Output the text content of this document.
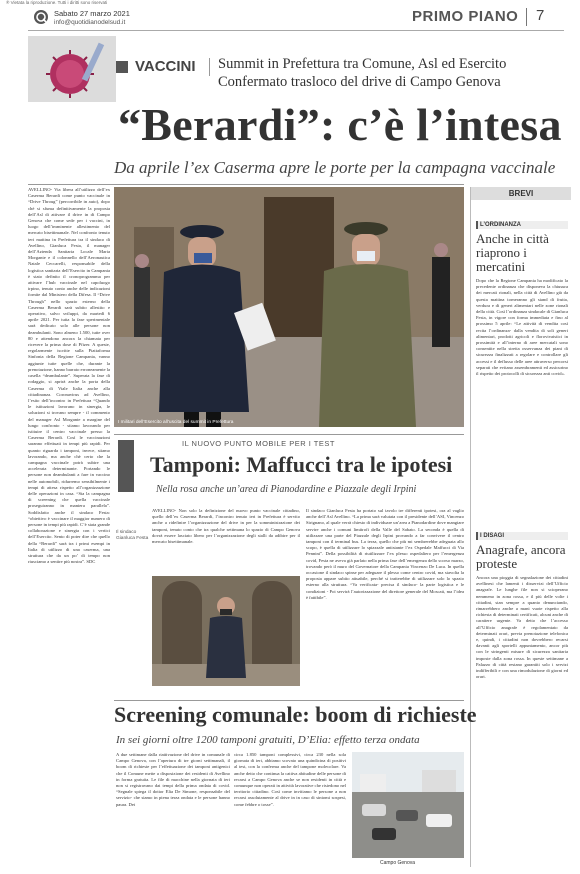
® Vietata la riproduzione. Tutti i diritti sono riservati
Sabato 27 marzo 2021
info@quotidianodelsud.it	PRIMO PIANO 7
VACCINI Summit in Prefettura tra Comune, Asl ed Esercito
Confermato trasloco del drive di Campo Genova
“Berardi”: c’è l’intesa
Da aprile l’ex Caserma apre le porte per la campagna vaccinale
AVELLINO- Via libera all’utilizzo dell’ex Caserma Berardi come punto vaccinale in “Drive Throug” (percorribile in auto), dopo chè si sfuma definitivamente la proposta dell’Asl di attivare il drive in di Campo Genova che come sede per i vaccini, in luogo dell’imminente allestimento del mercato bisettimanale. Nel confronto tenuto ieri mattina in Prefettura tra il sindaco di Avellino, Gianluca Festa, il manager dell’Azienda Sanitaria Locale Maria Morgante e il colonnello dell’Aeronautica Natale Ceccarelli, responsabile della logistica sanitaria dell’Esercito in Campania è stato definito il cronoprogramma per attivare l’hub vaccinale nel capoluogo irpino, tenuto conto anche delle indicazioni fornite dal Ministero della Difesa. Il “Drive Through” nello spazio esterno della Caserma Berardi sarà subito allestito e operativo, salvo sviluppi, da martedì 6 aprile 2021. Per tutta la fase sperimentale sarà dedicato solo alle persone non deambulanti. Sono almeno 1.500, tutte over 80 e attendono ancora la chiamata per ricevere la prima dose di Pfizer. A queste, regolarmente iscritte sulla Piattaforma Sinfonia della Regione Campania, vanno aggiunte tutte quelle che, durante la prenotazione, hanno barrato erroneamente la casella “deambulante”. Superata la fase di rodaggio, si aprirà anche la porta della Caserma di Viale Italia anche alla cittadinanza. Coronavirus ad Avellino, l’esito dell’incontro in Prefettura “Quando le istituzioni lavorano in sinergia, le soluzioni si trovano sempre - il commento del manager Asl Morgante a margine del lungo confronto - stiamo lavorando per istituire il centro vaccinale presso la Caserma Berardi. Così le vaccinazioni saranno effettuati in tempi più rapidi. Per quanto riguarda i tamponi, invece, stiamo lavorando, ma anche chè certo che la campagna vaccinale potrà subire una accelerata determinante. Portando le persone non deambulanti a fare in vaccino nelle automobili, ridurremo sensibilmente i tempi di attesa rispetto all’organizzazione delle operazioni in casa. “Sia la campagna di screening che quella vaccinale proseguiranno in maniera parallela”. Soddisfatto anche il sindaco Festa: “obiettivo è vaccinare il maggior numero di persone in tempi più rapidi. C’è stata grande collaborazione e sinergia con i vertici dell’Esercito. Sento di poter dire che quello della “Berardi” sarà tra i primi esempi in Italia di utilizzo di una caserma, una struttura che da un po’ di tempo non riusciamo a sentire più nostra”. SDC
I militari dell’Esercito all’uscita del summit in Prefettura
BREVI
L’ORDINANZA
Anche in città riaprono i mercatini
Dopo che la Regione Campania ha modificato la precedente ordinanza che disponeva la chiusura dei mercati rionali, nella città di Avellino già da questa mattina torneranno gli stand di frutta, verdura e di generi alimentari nelle zone rionali della città. Così l’ordinanza sindacale di Gianluca Festa, in vigore con forma immediata e fino al prossimo 5 aprile: “Le attività di vendita così recita l’ordinanza- dalla vendita di soli generi alimentari, prodotti agricoli e florovivaistici in prossimità e all’interno di aree mercatali sono consentite nella stretta osservanza dei piani di sicurezza finalizzati a regolare e controllare gli accessi e il deflusso delle aree attraverso percorsi separati che evitano assembramenti ed assicurino il rispetto dei protocolli di sicurezza anti covid».
I DISAGI
Anagrafe, ancora proteste
Ancora una pioggia di segnalazione dei cittadini avellinesi che lamenti i disservizi dell’Ufficio anagrafe. Le lunghe file non si scioperano nemmeno in zona rossa, e il più delle volte i cittadini, stan sempre a quanto denunciando, rimarrebbero anche a mani vuote rispetto alla richiesta di determinati certificati, alcuni anche di carattere urgente. Va detto che l’accesso all’Ufficio anagrafe è regolamentato da determinati orari, previa prenotazione telefonica e, quindi, i cittadini non dovrebbero recarsi davanti agli sportelli appuntamento, ancor più con le stringenti misure di sicurezza sanitaria imposte dalla zona rossa. In queste settimane a Palazzo di città restano garantiti solo i servizi indifferibili e con una rimodulazione di giorni ed orari.
IL NUOVO PUNTO MOBILE PER I TEST
Tamponi: Maffucci tra le ipotesi
Nella rosa anche un’area di Pianodardine e Piazzale degli Irpini
Il sindaco Gianluca Festa
AVELLINO- Non solo la definizione del nuovo punto vaccinale cittadino, quello dell’ex Caserma Berardi, l’incontro tenuto ieri in Prefettura è servito anche a ridefinire l’organizzazione del drive in per la somministrazione dei tamponi, tenuto conto che tra qualche settimana lo spazio di Campo Genova dovrà essere lasciato libero per l’organizzazione degli stalli da adibire per il mercato bisettimanale.
Il sindaco Gianluca Festa ha portato sul tavolo tre differenti ipotesi, ora al vaglio anche dell’Asl Avellino. “La prima sarà valutata con il presidente dell’ASI, Vincenzo Sirignano, al quale verrà chiesto di individuare un’area a Pianodardine dove mangiare servire anche i comuni limitrofi della Valle del Sabato. La seconda è quella di utilizzare una parte del Piazzale degli Irpini provando a far convivere il centro tamponi con il terminal bus. La terza, quello che più mi sembrerebbe adeguata allo scopo, è quella di utilizzare lo spiazzale antistante l’ex Ospedale Maffucci di Via Pennini”. Della possibilità di riutilizzare l’ex plesso ospedaliero per l’emergenza covid, Festa ne aveva già parlato nella prima fase dell’emergenza dello scorso marzo, trovando però il muro del Governatore della Campania Vincenzo De Luca. In quella occasione il sindaco spinse per adeguare il plesso come centro covid, ma stavolta la proposta appare subito attuabile, perché si tratterebbe di utilizzare solo lo spazio esterno alla struttura. “Va verificata- precisa il sindaco- la parte logistica e le condizioni - Poi servirà l’autorizzazione del direttore generale del Moscati, ma l’idea è fattibile”.
Screening comunale: boom di richieste
In sei giorni oltre 1200 tamponi gratuiti, D’Elia: effetto terza ondata
A due settimane dalla riattivazione del drive in comunale di Campo Genova, con l’apertura di tre giorni settimanali, il boom di richieste per l’effettuazione dei tamponi antigenici che il Comune mette a disposizione dei residenti di Avellino in forma gratuita. Le file di macchine nella giornata di ieri non si registravano dai tempi della prima ondata di covid. “Segnale spiega il dottor Elia De Simone, responsabile del servizio- che siamo in piena terza ondata e le persone hanno paura. Dei
circa 1.850 tamponi complessivi, circa 230 nella sola giornata di ieri, abbiamo scovato una quindicina di positivi al test, con la conferma anche del tampone molecolare. Va anche detto che continua la cattiva abitudine delle persone di recarsi a Campo Genova anche se non residenti in città e comunque non operati in attività lavorative che risiedono nel territorio cittadino. Così come invitiamo le persone a non recarsi assolutamente al drive in in caso di sintomi sospesi, come febbre o tosse”.
Campo Genova
